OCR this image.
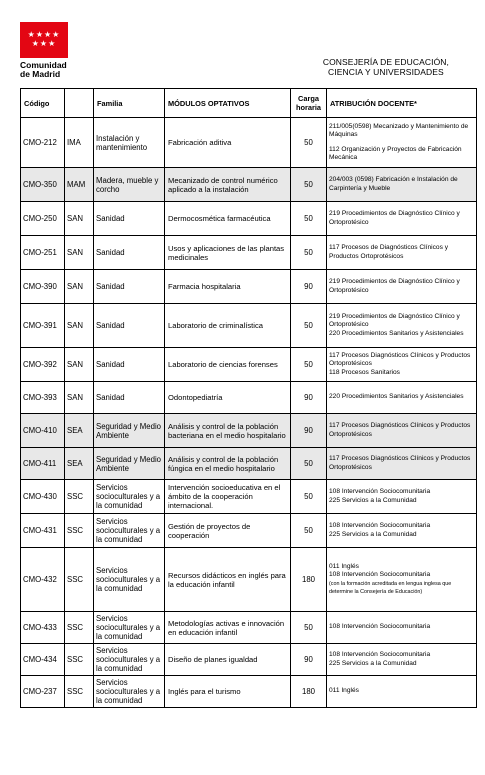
★★★★ ★★★
Comunidad
de Madrid
CONSEJERÍA DE EDUCACIÓN,
CIENCIA Y UNIVERSIDADES
Código		Familia	MÓDULOS OPTATIVOS	Carga horaria	ATRIBUCIÓN DOCENTE*
CMO-212	IMA	Instalación y mantenimiento	Fabricación aditiva	50	211/005(0598) Mecanizado y Mantenimiento de Máquinas
112 Organización y Proyectos de Fabricación Mecánica

CMO-350	MAM	Madera, mueble y corcho	Mecanizado de control numérico aplicado a la instalación	50	204/003 (0598) Fabricación e Instalación de Carpintería y Mueble

CMO-250	SAN	Sanidad	Dermocosmética farmacéutica	50	219 Procedimientos de Diagnóstico Clínico y Ortoprotésico

CMO-251	SAN	Sanidad	Usos y aplicaciones de las plantas medicinales	50	117 Procesos de Diagnósticos Clínicos y Productos Ortoprotésicos

CMO-390	SAN	Sanidad	Farmacia hospitalaria	90	219 Procedimientos de Diagnóstico Clínico y Ortoprotésico

CMO-391	SAN	Sanidad	Laboratorio de criminalística	50	219 Procedimientos de Diagnóstico Clínico y Ortoprotésico
220 Procedimientos Sanitarios y Asistenciales

CMO-392	SAN	Sanidad	Laboratorio de ciencias forenses	50	117 Procesos Diagnósticos Clínicos y Productos Ortoprotésicos
118 Procesos Sanitarios

CMO-393	SAN	Sanidad	Odontopediatría	90	220 Procedimientos Sanitarios y Asistenciales

CMO-410	SEA	Seguridad y Medio Ambiente	Análisis y control de la población bacteriana en el medio hospitalario	90	117 Procesos Diagnósticos Clínicos y Productos Ortoprotésicos

CMO-411	SEA	Seguridad y Medio Ambiente	Análisis y control de la población fúngica en el medio hospitalario	50	117 Procesos Diagnósticos Clínicos y Productos Ortoprotésicos

CMO-430	SSC	Servicios socioculturales y a la comunidad	Intervención socioeducativa en el ámbito de la cooperación internacional.	50	108 Intervención Sociocomunitaria
225 Servicios a la Comunidad

CMO-431	SSC	Servicios socioculturales y a la comunidad	Gestión de proyectos de cooperación	50	108 Intervención Sociocomunitaria
225 Servicios a la Comunidad

CMO-432	SSC	Servicios socioculturales y a la comunidad	Recursos didácticos en inglés para la educación infantil	180	011 Inglés
108 Intervención Sociocomunitaria
(con la formación acreditada en lengua inglesa que determine la Consejería de Educación)

CMO-433	SSC	Servicios socioculturales y a la comunidad	Metodologías activas e innovación en educación infantil	50	108 Intervención Sociocomunitaria

CMO-434	SSC	Servicios socioculturales y a la comunidad	Diseño de planes igualdad	90	108 Intervención Sociocomunitaria
225 Servicios a la Comunidad

CMO-237	SSC	Servicios socioculturales y a la comunidad	Inglés para el turismo	180	011 Inglés
